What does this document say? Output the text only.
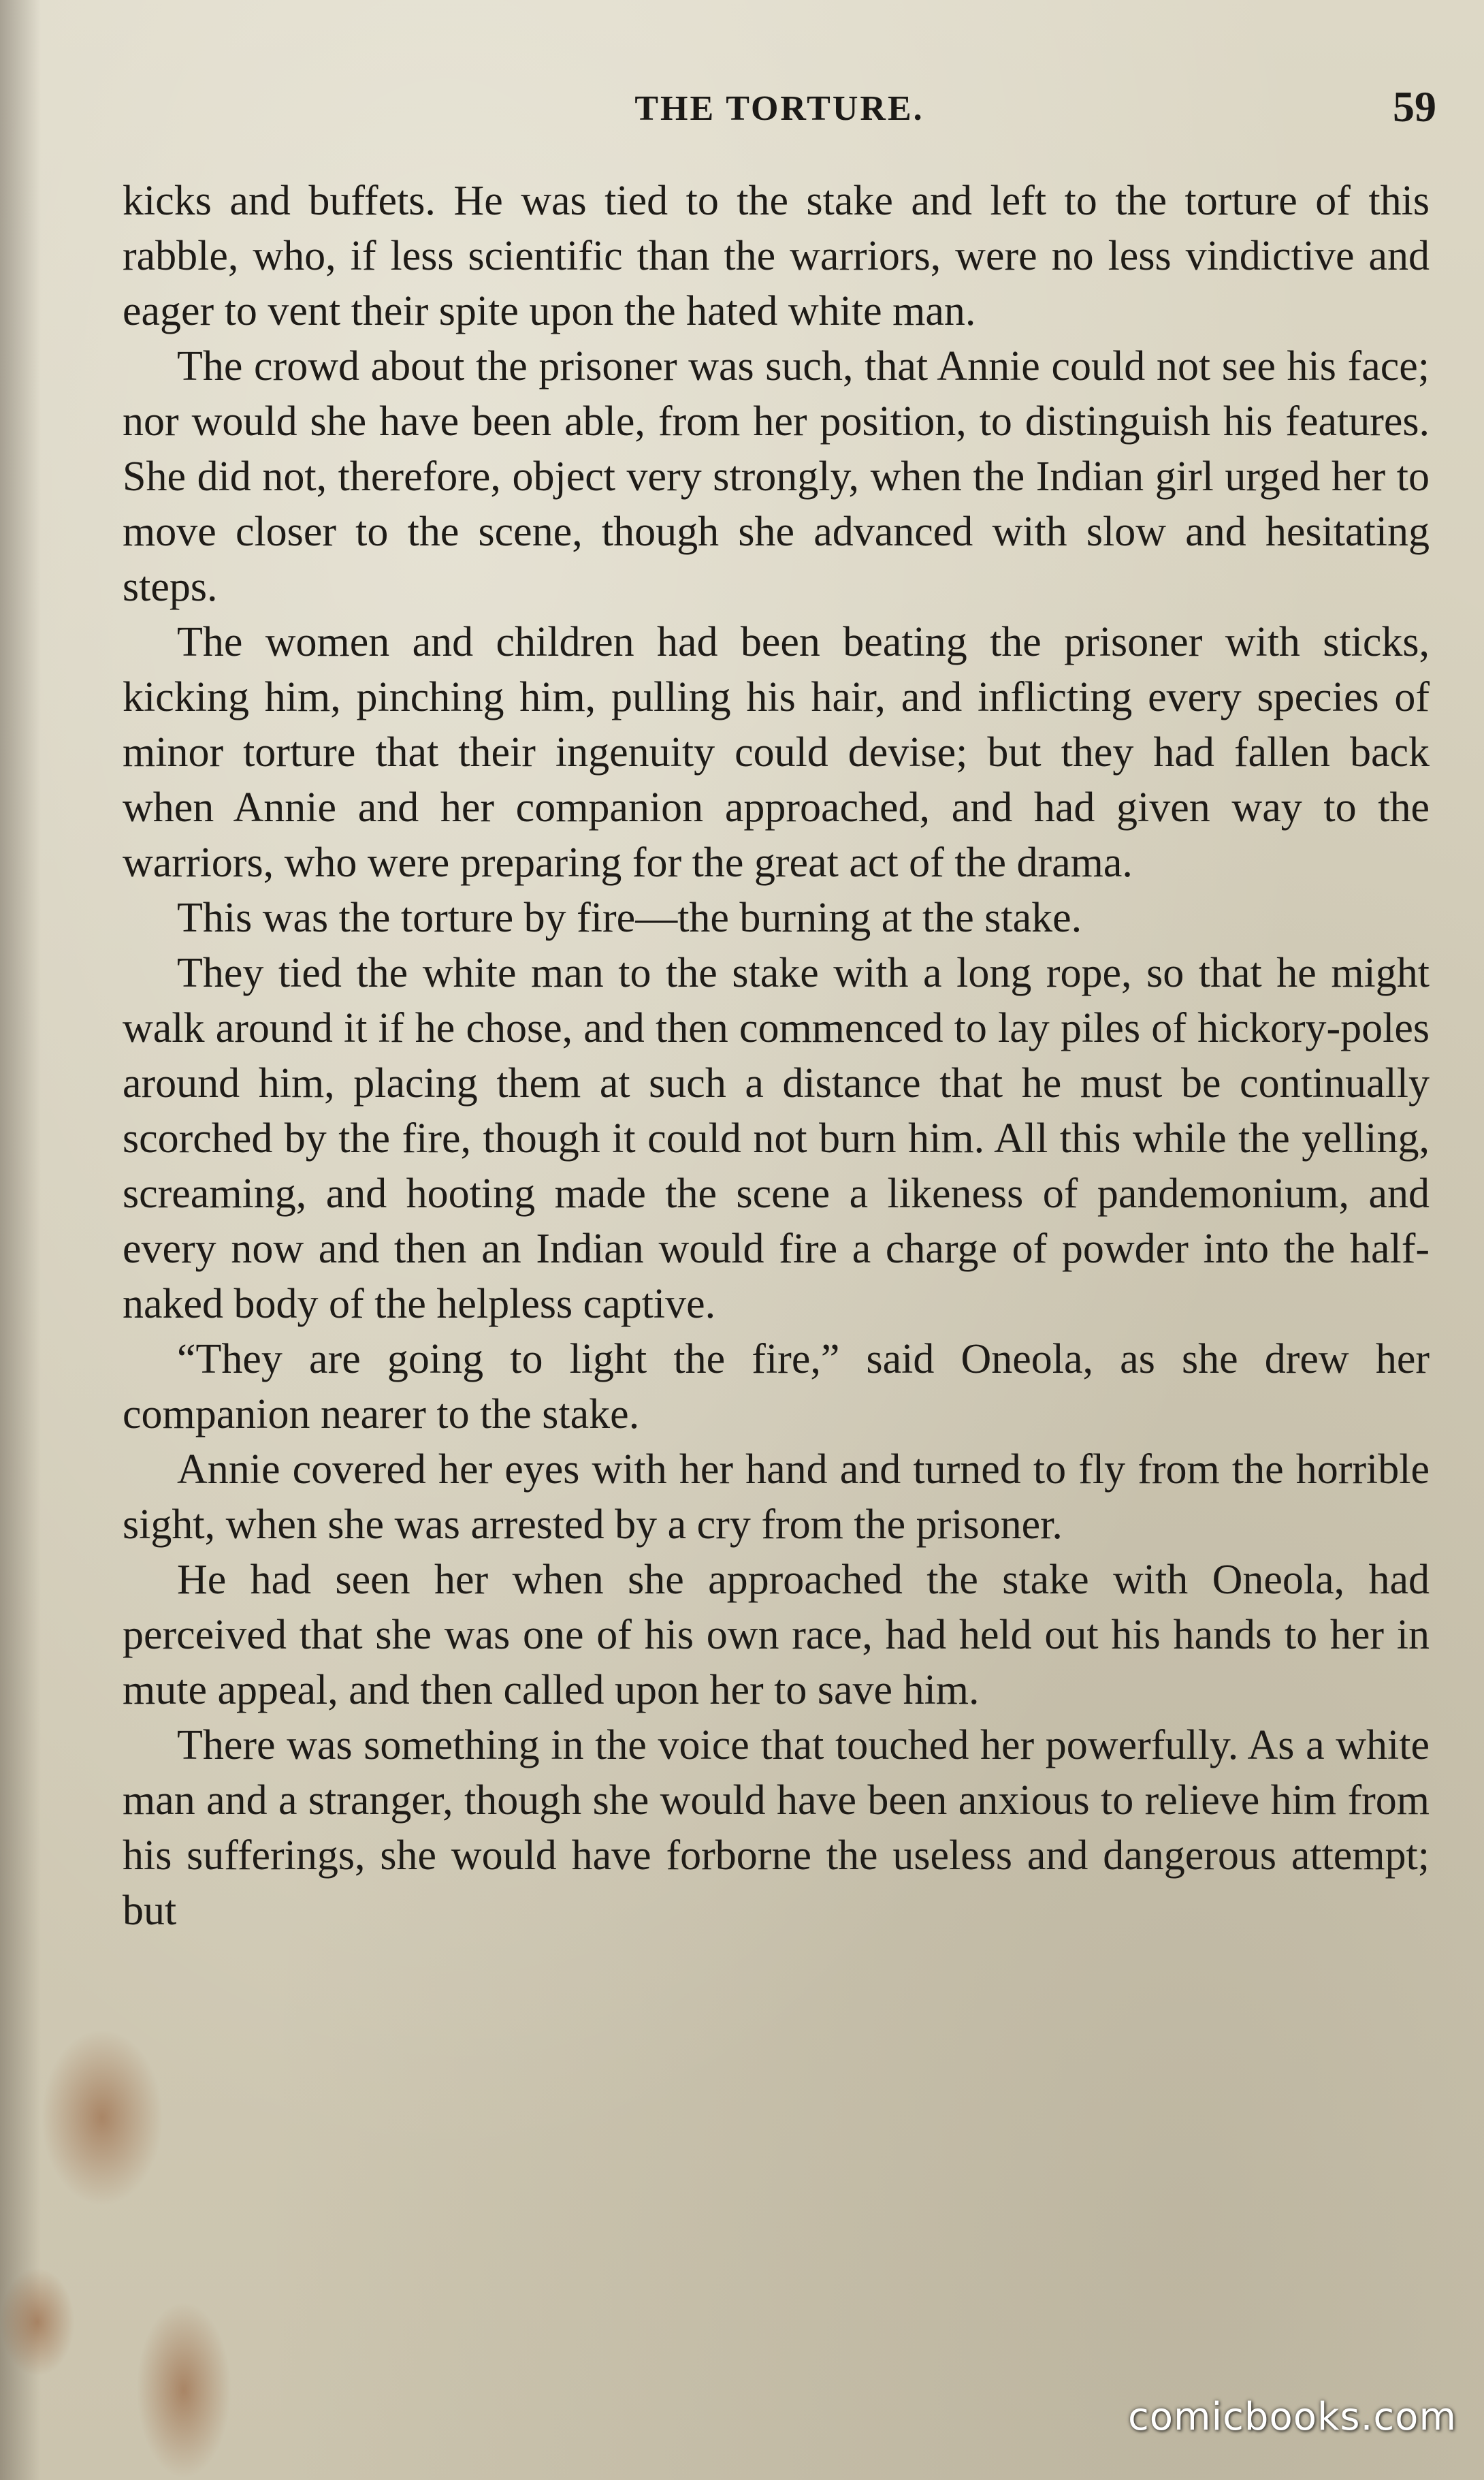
THE TORTURE.	59

kicks and buffets. He was tied to the stake and left to the torture of this rabble, who, if less scientific than the warriors, were no less vindictive and eager to vent their spite upon the hated white man.

The crowd about the prisoner was such, that Annie could not see his face; nor would she have been able, from her position, to distinguish his features. She did not, therefore, object very strongly, when the Indian girl urged her to move closer to the scene, though she advanced with slow and hesitating steps.

The women and children had been beating the prisoner with sticks, kicking him, pinching him, pulling his hair, and inflicting every species of minor torture that their ingenuity could devise; but they had fallen back when Annie and her companion approached, and had given way to the warriors, who were preparing for the great act of the drama.

This was the torture by fire—the burning at the stake.

They tied the white man to the stake with a long rope, so that he might walk around it if he chose, and then commenced to lay piles of hickory-poles around him, placing them at such a distance that he must be continually scorched by the fire, though it could not burn him. All this while the yelling, screaming, and hooting made the scene a likeness of pandemonium, and every now and then an Indian would fire a charge of powder into the half-naked body of the helpless captive.

“They are going to light the fire,” said Oneola, as she drew her companion nearer to the stake.

Annie covered her eyes with her hand and turned to fly from the horrible sight, when she was arrested by a cry from the prisoner.

He had seen her when she approached the stake with Oneola, had perceived that she was one of his own race, had held out his hands to her in mute appeal, and then called upon her to save him.

There was something in the voice that touched her powerfully. As a white man and a stranger, though she would have been anxious to relieve him from his sufferings, she would have forborne the useless and dangerous attempt; but

comicbooks.com
